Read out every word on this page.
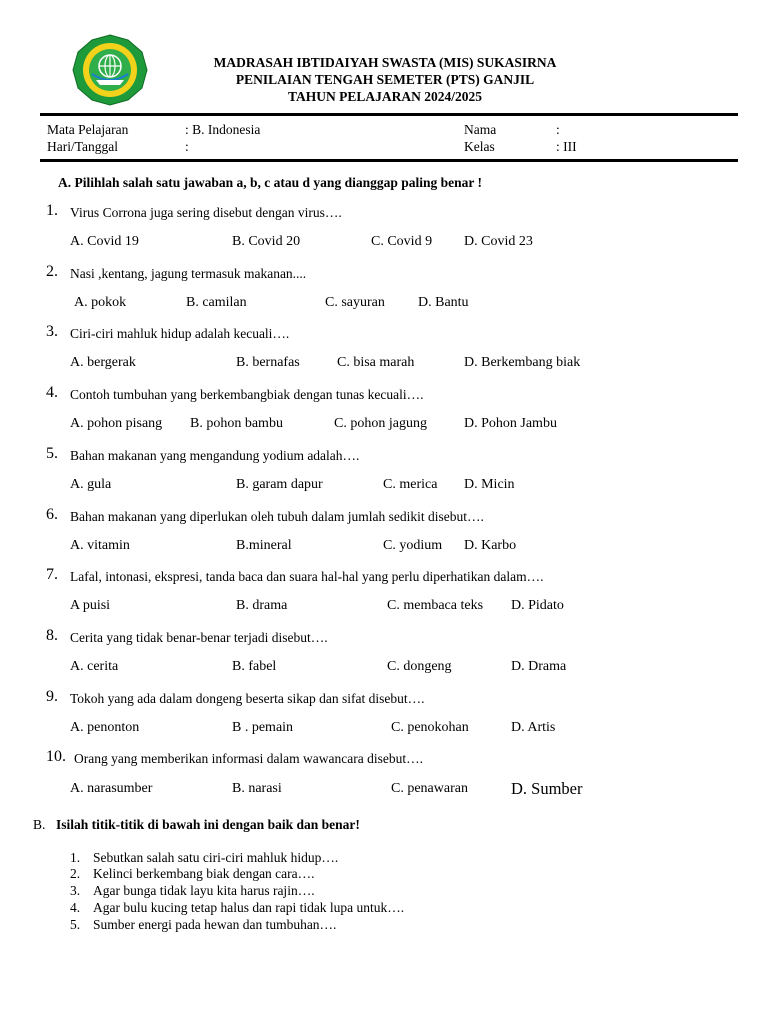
MADRASAH IBTIDAIYAH SWASTA (MIS) SUKASIRNA
PENILAIAN TENGAH SEMETER (PTS) GANJIL
TAHUN PELAJARAN 2024/2025
Mata Pelajaran	: B. Indonesia	Nama	:
Hari/Tanggal	:	Kelas	: III
A. Pilihlah salah satu jawaban a, b, c atau d yang dianggap paling benar !
1. Virus Corrona juga sering disebut dengan virus….
A. Covid 19	B. Covid 20	C. Covid 9 D. Covid 23
2. Nasi ,kentang, jagung termasuk makanan....
A. pokok	B. camilan	C. sayuran D. Bantu
3. Ciri-ciri mahluk hidup adalah kecuali….
A. bergerak	B. bernafas	C. bisa marah	D. Berkembang biak
4. Contoh tumbuhan yang berkembangbiak dengan tunas kecuali….
A. pohon pisang B. pohon bambu	C. pohon jagung	D. Pohon Jambu
5. Bahan makanan yang mengandung yodium adalah….
A. gula	B. garam dapur	C. merica D. Micin
6. Bahan makanan yang diperlukan oleh tubuh dalam jumlah sedikit disebut….
A. vitamin	B.mineral	C. yodium D. Karbo
7. Lafal, intonasi, ekspresi, tanda baca dan suara hal-hal yang perlu diperhatikan dalam….
A puisi	B. drama	C. membaca teks D. Pidato
8. Cerita yang tidak benar-benar terjadi disebut….
A. cerita	B. fabel	C. dongeng	D. Drama
9. Tokoh yang ada dalam dongeng beserta sikap dan sifat disebut….
A. penonton	B . pemain	C. penokohan	D. Artis
10. Orang yang memberikan informasi dalam wawancara disebut….
A. narasumber	B. narasi	C. penawaran	D. Sumber
B. Isilah titik-titik di bawah ini dengan baik dan benar!
1. Sebutkan salah satu ciri-ciri mahluk hidup….
2. Kelinci berkembang biak dengan cara….
3. Agar bunga tidak layu kita harus rajin….
4. Agar bulu kucing tetap halus dan rapi tidak lupa untuk….
5. Sumber energi pada hewan dan tumbuhan….
